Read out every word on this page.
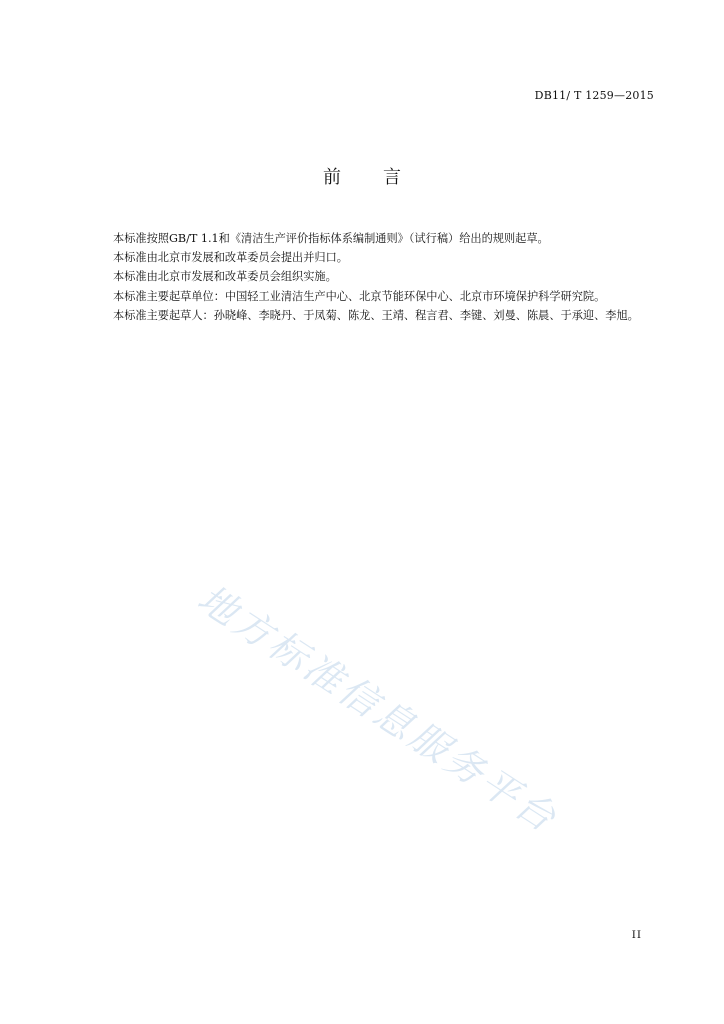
DB11/ T 1259—2015
前言

本标准按照GB/T 1.1和《清洁生产评价指标体系编制通则》（试行稿）给出的规则起草。

本标准由北京市发展和改革委员会提出并归口。

本标准由北京市发展和改革委员会组织实施。

本标准主要起草单位：中国轻工业清洁生产中心、北京节能环保中心、北京市环境保护科学研究院。

本标准主要起草人：孙晓峰、李晓丹、于凤菊、陈龙、王靖、程言君、李键、刘曼、陈晨、于承迎、李旭。

地方标准信息服务平台
II
